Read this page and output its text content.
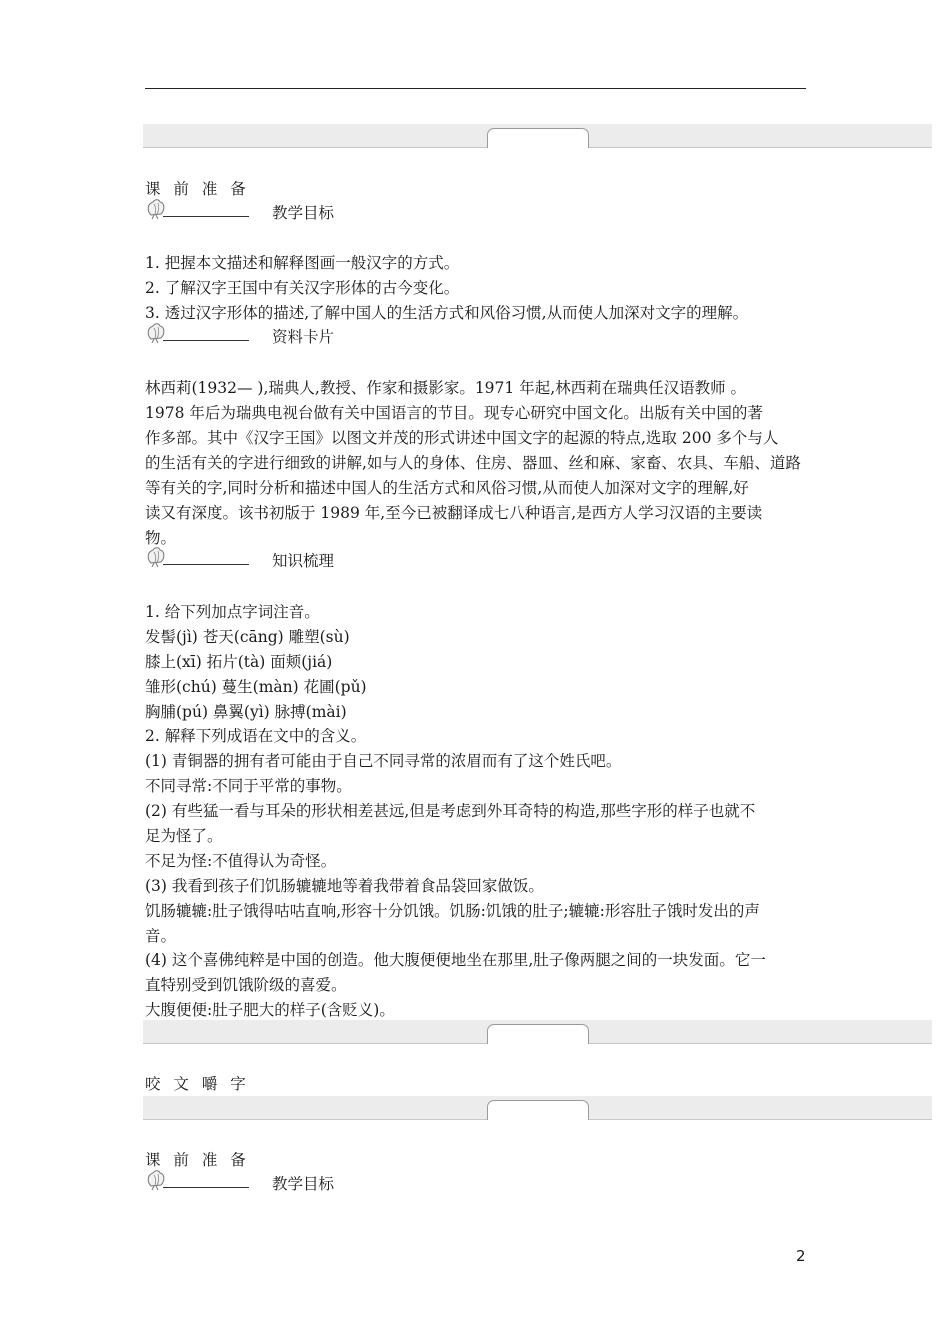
课 前 准 备
教学目标
1. 把握本文描述和解释图画一般汉字的方式。
2. 了解汉字王国中有关汉字形体的古今变化。
3. 透过汉字形体的描述,了解中国人的生活方式和风俗习惯,从而使人加深对文字的理解。
资料卡片
林西莉(1932— ),瑞典人,教授、作家和摄影家。1971 年起,林西莉在瑞典任汉语教师 。
1978 年后为瑞典电视台做有关中国语言的节目。现专心研究中国文化。出版有关中国的著
作多部。其中《汉字王国》以图文并茂的形式讲述中国文字的起源的特点,选取 200 多个与人
的生活有关的字进行细致的讲解,如与人的身体、住房、器皿、丝和麻、家畜、农具、车船、道路
等有关的字,同时分析和描述中国人的生活方式和风俗习惯,从而使人加深对文字的理解,好
读又有深度。该书初版于 1989 年,至今已被翻译成七八种语言,是西方人学习汉语的主要读
物。
知识梳理
1. 给下列加点字词注音。
发髻(jì) 苍天(cāng) 雕塑(sù)
膝上(xī) 拓片(tà) 面颊(jiá)
雏形(chú) 蔓生(màn) 花圃(pǔ)
胸脯(pú) 鼻翼(yì) 脉搏(mài)
2. 解释下列成语在文中的含义。
(1) 青铜器的拥有者可能由于自己不同寻常的浓眉而有了这个姓氏吧。
不同寻常:不同于平常的事物。
(2) 有些猛一看与耳朵的形状相差甚远,但是考虑到外耳奇特的构造,那些字形的样子也就不
足为怪了。
不足为怪:不值得认为奇怪。
(3) 我看到孩子们饥肠辘辘地等着我带着食品袋回家做饭。
饥肠辘辘:肚子饿得咕咕直响,形容十分饥饿。饥肠:饥饿的肚子;辘辘:形容肚子饿时发出的声
音。
(4) 这个喜佛纯粹是中国的创造。他大腹便便地坐在那里,肚子像两腿之间的一块发面。它一
直特别受到饥饿阶级的喜爱。
大腹便便:肚子肥大的样子(含贬义)。
咬 文 嚼 字
课 前 准 备
教学目标
2
